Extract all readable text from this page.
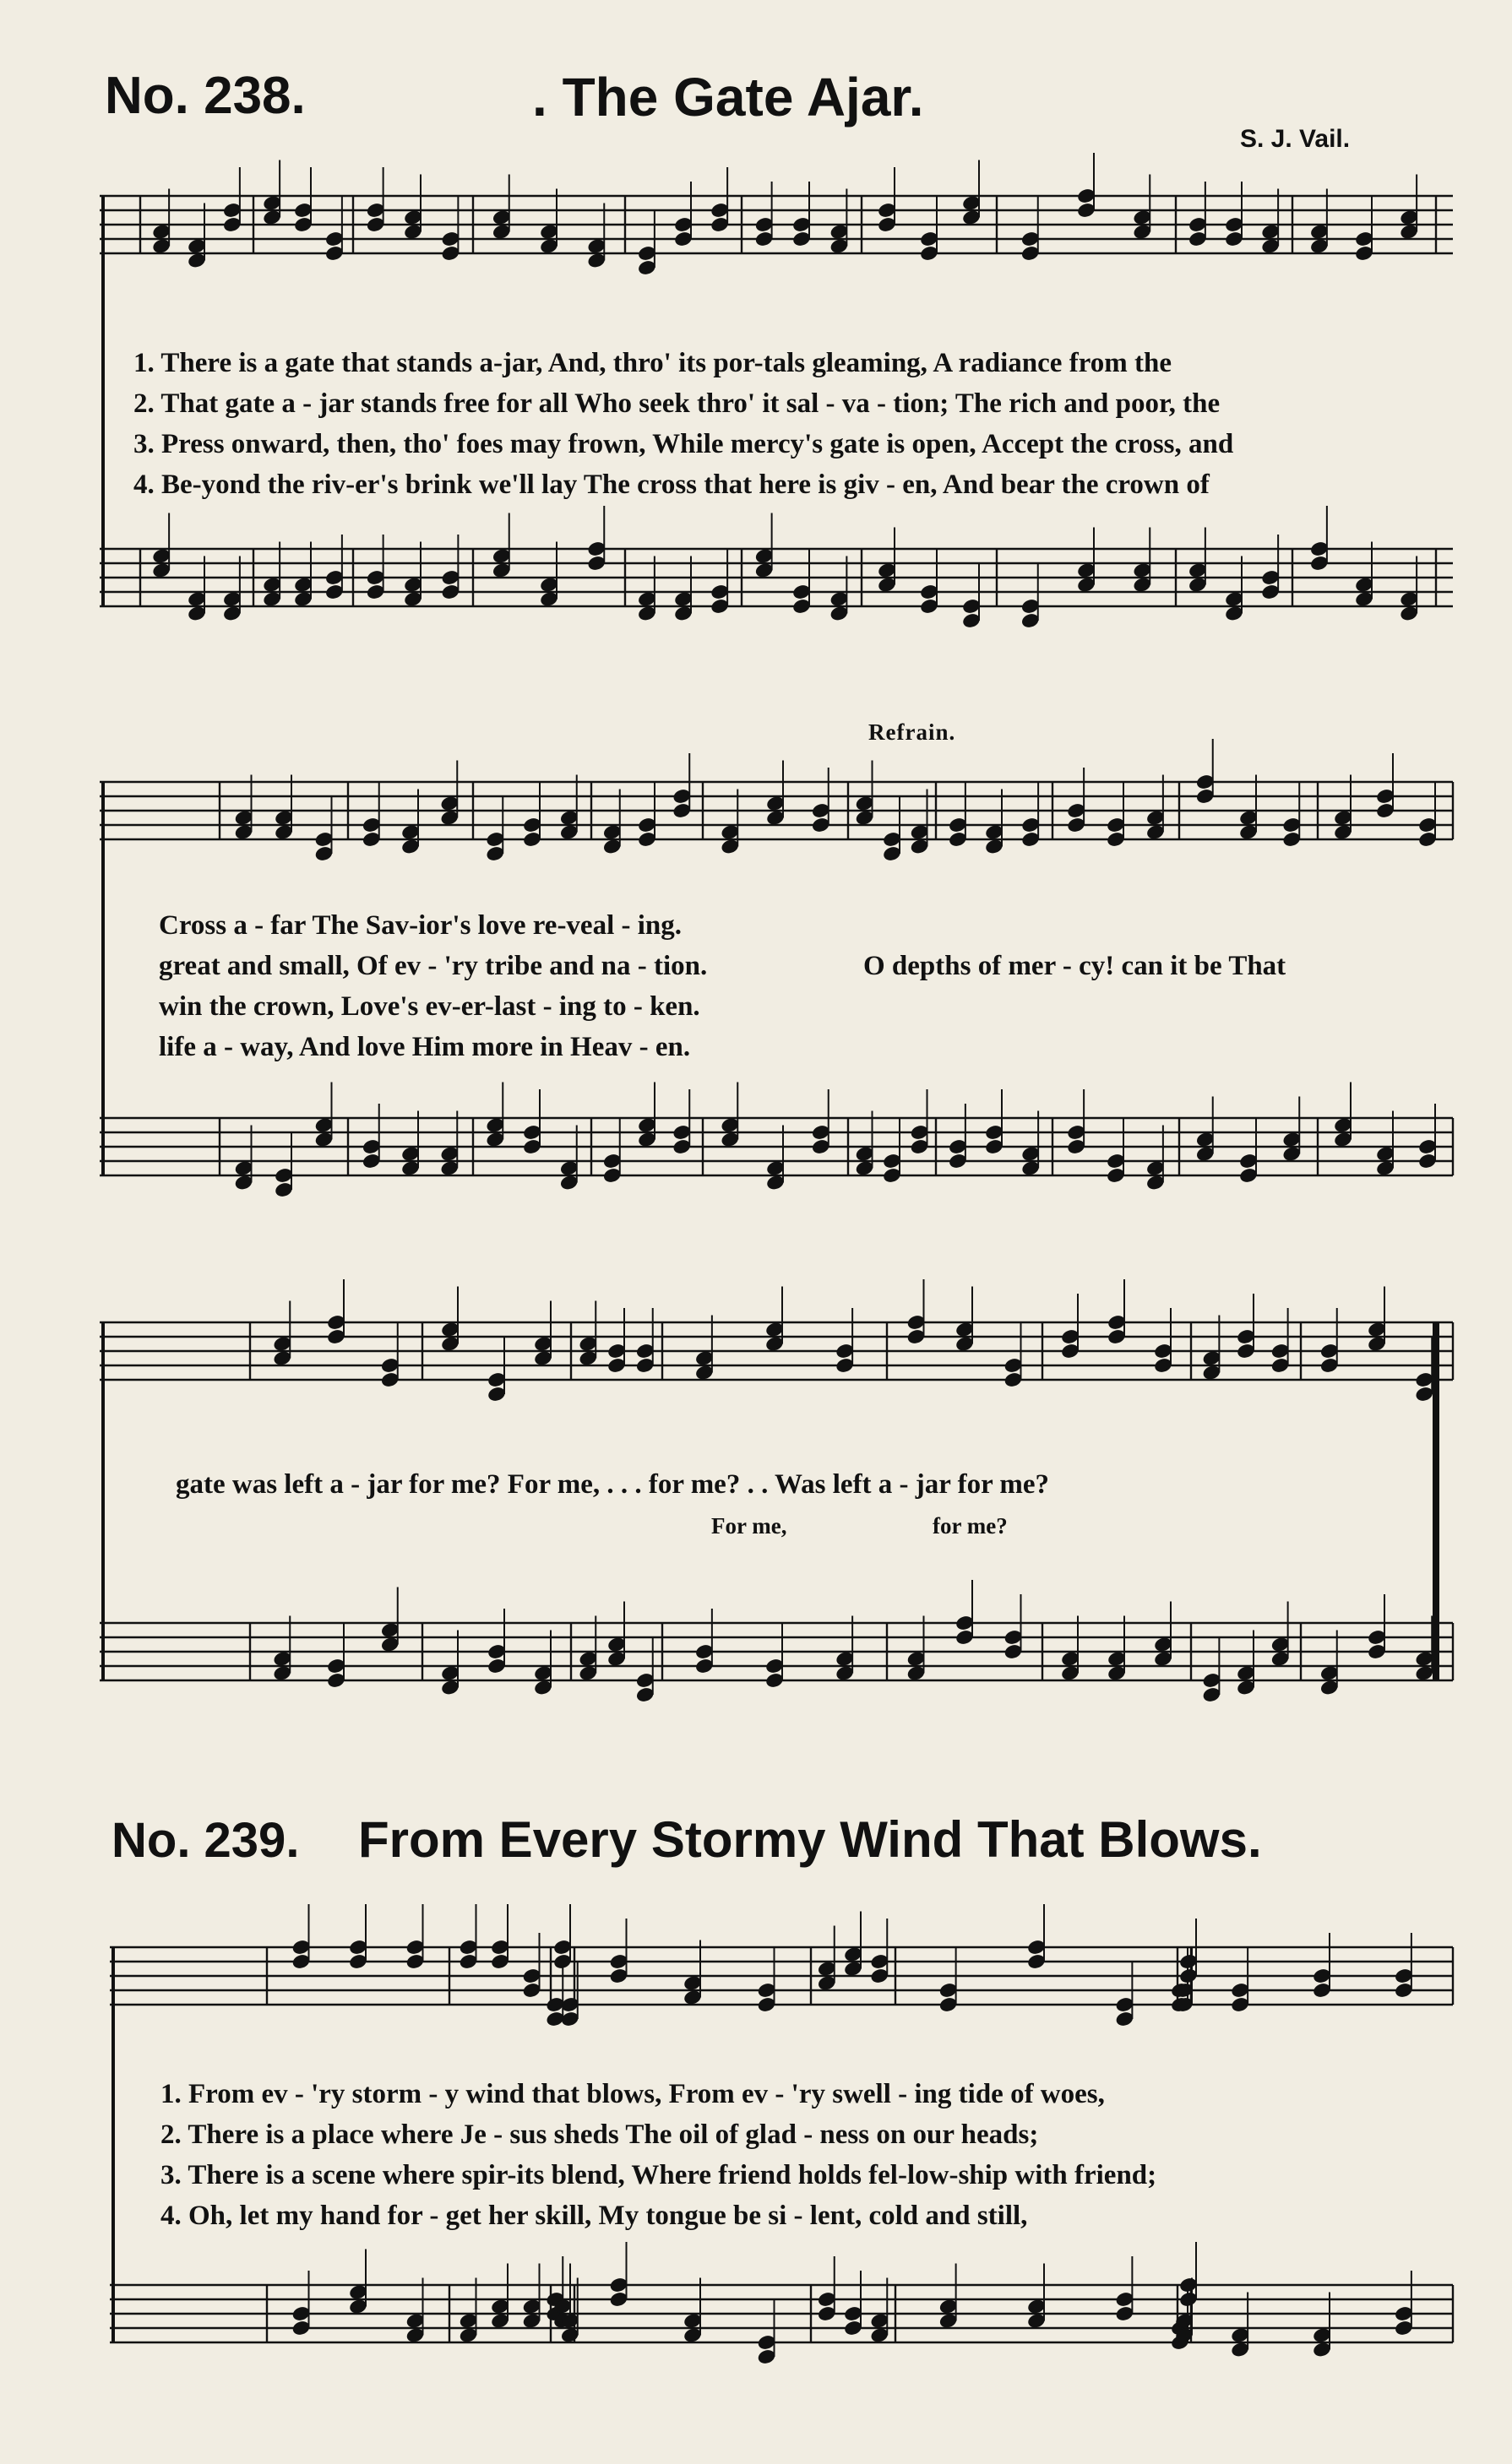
No. 238.	. The Gate Ajar.
S. J. Vail.
1. There is a gate that stands a-jar, And, thro' its por-tals gleaming, A radiance from the
2. That gate a - jar stands free for all Who seek thro' it sal - va - tion; The rich and poor, the
3. Press onward, then, tho' foes may frown, While mercy's gate is open, Accept the cross, and
4. Be-yond the riv-er's brink we'll lay The cross that here is giv - en, And bear the crown of
Refrain.
Cross a - far The Sav-ior's love re-veal - ing.
great and small, Of ev - 'ry tribe and na - tion.
win the crown, Love's ev-er-last - ing to - ken.
life a - way, And love Him more in Heav - en.
O depths of mer - cy! can it be That
gate was left a - jar for me? For me, . . . for me? . . Was left a - jar for me?
For me,	for me?
No. 239. From Every Stormy Wind That Blows.
1. From ev - 'ry storm - y wind that blows, From ev - 'ry swell - ing tide of woes,
2. There is a place where Je - sus sheds The oil of glad - ness on our heads;
3. There is a scene where spir-its blend, Where friend holds fel-low-ship with friend;
4. Oh, let my hand for - get her skill, My tongue be si - lent, cold and still,
